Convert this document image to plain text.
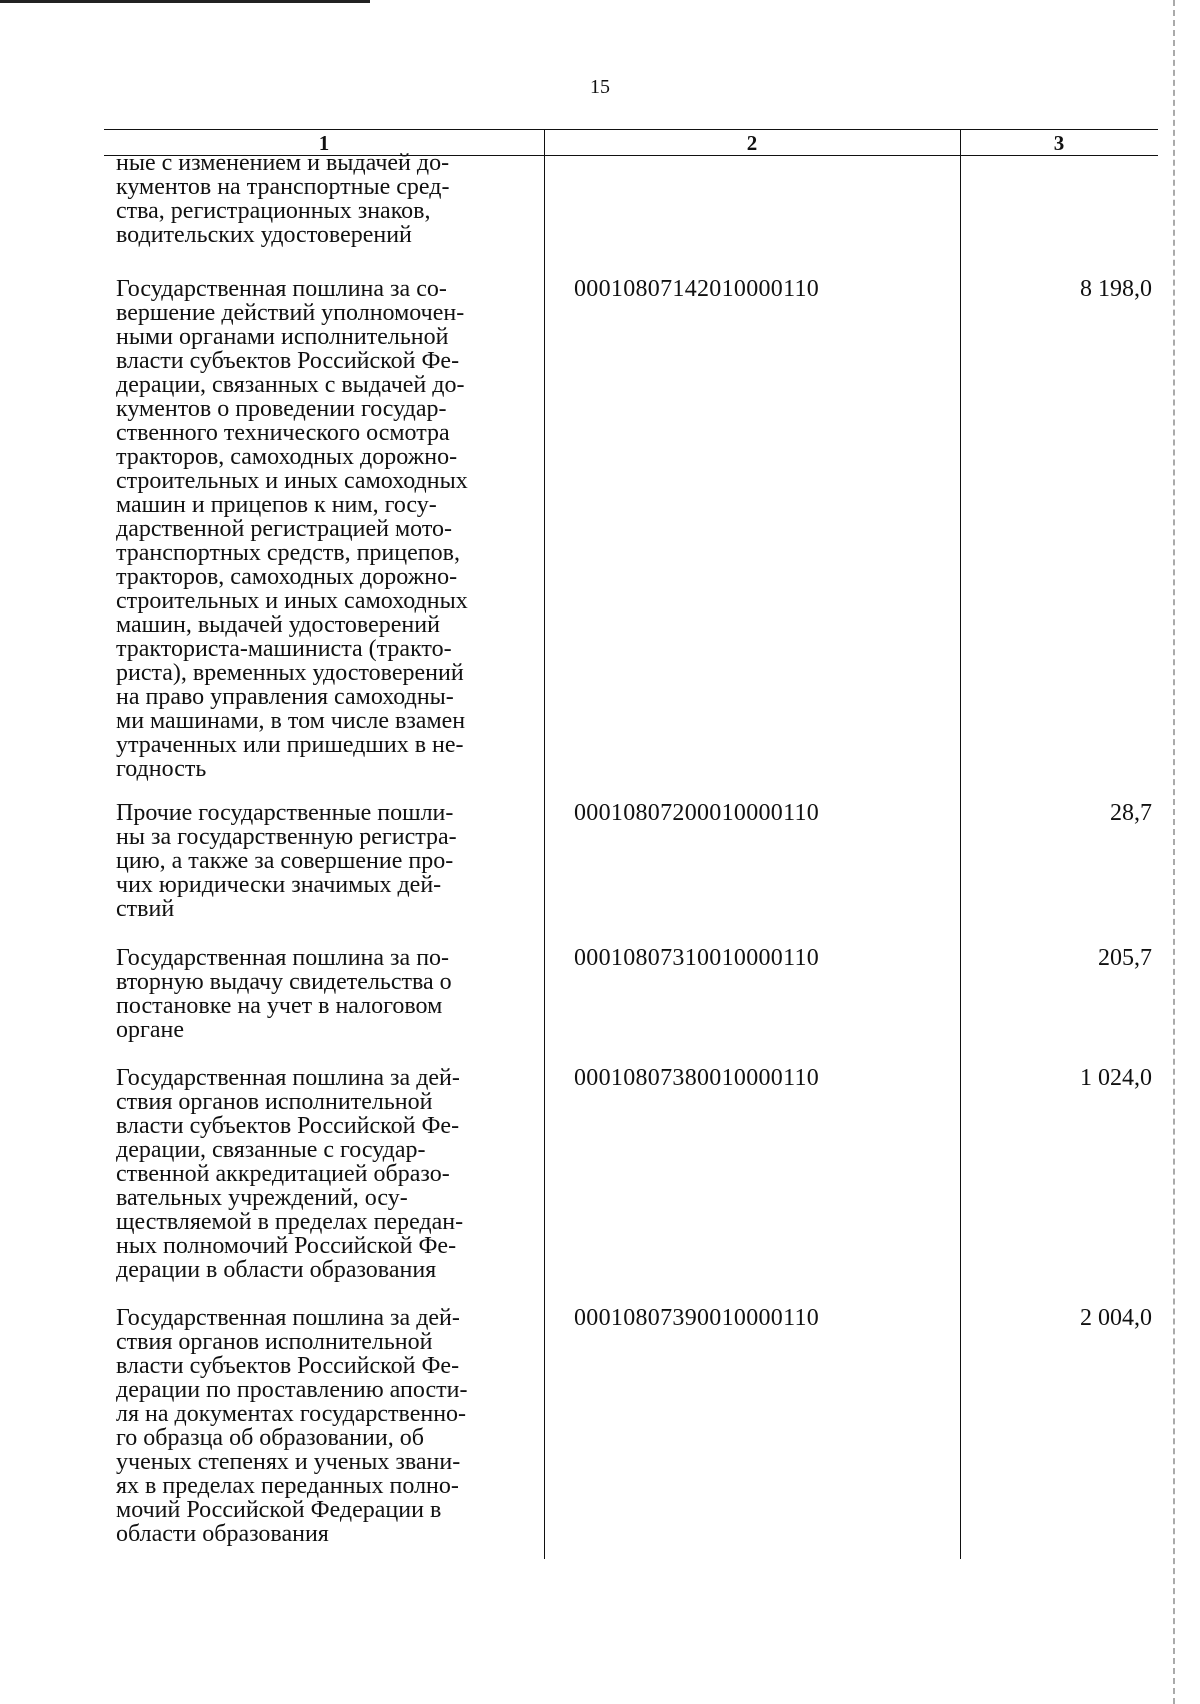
15
1	2	3
ные с изменением и выдачей до-
кументов на транспортные сред-
ства, регистрационных знаков,
водительских удостоверений
Государственная пошлина за со-
вершение действий уполномочен-
ными органами исполнительной
власти субъектов Российской Фе-
дерации, связанных с выдачей до-
кументов о проведении государ-
ственного технического осмотра
тракторов, самоходных дорожно-
строительных и иных самоходных
машин и прицепов к ним, госу-
дарственной регистрацией мото-
транспортных средств, прицепов,
тракторов, самоходных дорожно-
строительных и иных самоходных
машин, выдачей удостоверений
тракториста-машиниста (тракто-
риста), временных удостоверений
на право управления самоходны-
ми машинами, в том числе взамен
утраченных или пришедших в не-
годность
00010807142010000110	8 198,0
Прочие государственные пошли-
ны за государственную регистра-
цию, а также за совершение про-
чих юридически значимых дей-
ствий
00010807200010000110	28,7
Государственная пошлина за по-
вторную выдачу свидетельства о
постановке на учет в налоговом
органе
00010807310010000110	205,7
Государственная пошлина за дей-
ствия органов исполнительной
власти субъектов Российской Фе-
дерации, связанные с государ-
ственной аккредитацией образо-
вательных учреждений, осу-
ществляемой в пределах передан-
ных полномочий Российской Фе-
дерации в области образования
00010807380010000110	1 024,0
Государственная пошлина за дей-
ствия органов исполнительной
власти субъектов Российской Фе-
дерации по проставлению апости-
ля на документах государственно-
го образца об образовании, об
ученых степенях и ученых звани-
ях в пределах переданных полно-
мочий Российской Федерации в
области образования
00010807390010000110	2 004,0
